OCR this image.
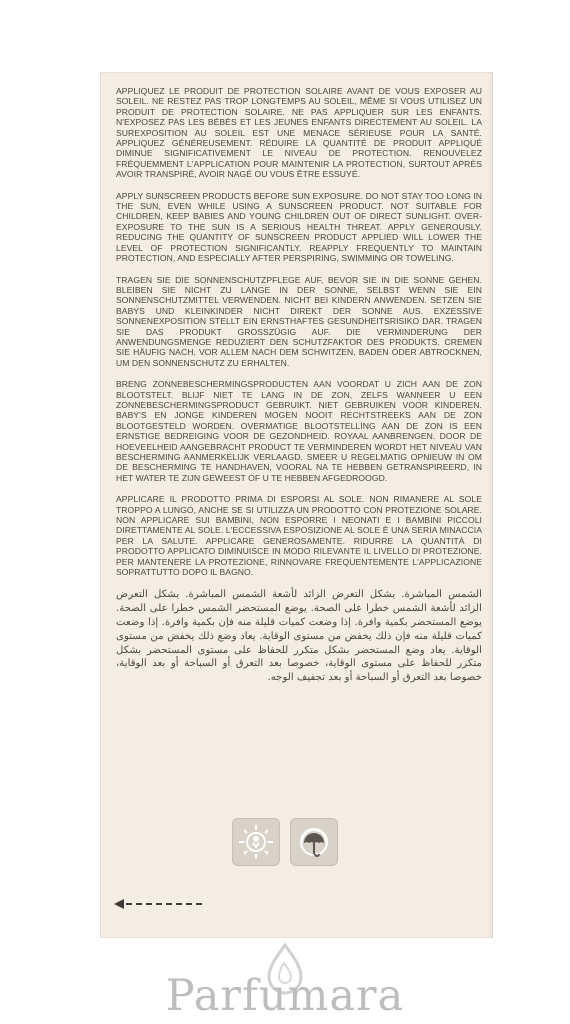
APPLIQUEZ LE PRODUIT DE PROTECTION SOLAIRE AVANT DE VOUS EXPOSER AU SOLEIL. NE RESTEZ PAS TROP LONGTEMPS AU SOLEIL, MÊME SI VOUS UTILISEZ UN PRODUIT DE PROTECTION SOLAIRE. NE PAS APPLIQUER SUR LES ENFANTS. N'EXPOSEZ PAS LES BÉBÉS ET LES JEUNES ENFANTS DIRECTEMENT AU SOLEIL. LA SUREXPOSITION AU SOLEIL EST UNE MENACE SÉRIEUSE POUR LA SANTÉ. APPLIQUEZ GÉNÉREUSEMENT. RÉDUIRE LA QUANTITÉ DE PRODUIT APPLIQUÉ DIMINUE SIGNIFICATIVEMENT LE NIVEAU DE PROTECTION. RENOUVELEZ FRÉQUEMMENT L'APPLICATION POUR MAINTENIR LA PROTECTION, SURTOUT APRÈS AVOIR TRANSPIRÉ, AVOIR NAGÉ OU VOUS ÊTRE ESSUYÉ.

APPLY SUNSCREEN PRODUCTS BEFORE SUN EXPOSURE. DO NOT STAY TOO LONG IN THE SUN, EVEN WHILE USING A SUNSCREEN PRODUCT. NOT SUITABLE FOR CHILDREN, KEEP BABIES AND YOUNG CHILDREN OUT OF DIRECT SUNLIGHT. OVER-EXPOSURE TO THE SUN IS A SERIOUS HEALTH THREAT. APPLY GENEROUSLY. REDUCING THE QUANTITY OF SUNSCREEN PRODUCT APPLIED WILL LOWER THE LEVEL OF PROTECTION SIGNIFICANTLY. REAPPLY FREQUENTLY TO MAINTAIN PROTECTION, AND ESPECIALLY AFTER PERSPIRING, SWIMMING OR TOWELING.

TRAGEN SIE DIE SONNENSCHUTZPFLEGE AUF, BEVOR SIE IN DIE SONNE GEHEN. BLEIBEN SIE NICHT ZU LANGE IN DER SONNE, SELBST WENN SIE EIN SONNENSCHUTZMITTEL VERWENDEN. NICHT BEI KINDERN ANWENDEN. SETZEN SIE BABYS UND KLEINKINDER NICHT DIREKT DER SONNE AUS. EXZESSIVE SONNENEXPOSITION STELLT EIN ERNSTHAFTES GESUNDHEITSRISIKO DAR. TRAGEN SIE DAS PRODUKT GROSSZÜGIG AUF. DIE VERMINDERUNG DER ANWENDUNGSMENGE REDUZIERT DEN SCHUTZFAKTOR DES PRODUKTS. CREMEN SIE HÄUFIG NACH, VOR ALLEM NACH DEM SCHWITZEN, BADEN ODER ABTROCKNEN, UM DEN SONNENSCHUTZ ZU ERHALTEN.

BRENG ZONNEBESCHERMINGSPRODUCTEN AAN VOORDAT U ZICH AAN DE ZON BLOOTSTELT. BLIJF NIET TE LANG IN DE ZON, ZELFS WANNEER U EEN ZONNEBESCHERMINGSPRODUCT GEBRUIKT. NIET GEBRUIKEN VOOR KINDEREN. BABY'S EN JONGE KINDEREN MOGEN NOOIT RECHTSTREEKS AAN DE ZON BLOOTGESTELD WORDEN. OVERMATIGE BLOOTSTELLING AAN DE ZON IS EEN ERNSTIGE BEDREIGING VOOR DE GEZONDHEID. ROYAAL AANBRENGEN. DOOR DE HOEVEELHEID AANGEBRACHT PRODUCT TE VERMINDEREN WORDT HET NIVEAU VAN BESCHERMING AANMERKELIJK VERLAAGD. SMEER U REGELMATIG OPNIEUW IN OM DE BESCHERMING TE HANDHAVEN, VOORAL NA TE HEBBEN GETRANSPIREERD, IN HET WATER TE ZIJN GEWEEST OF U TE HEBBEN AFGEDROOGD.

APPLICARE IL PRODOTTO PRIMA DI ESPORSI AL SOLE. NON RIMANERE AL SOLE TROPPO A LUNGO, ANCHE SE SI UTILIZZA UN PRODOTTO CON PROTEZIONE SOLARE. NON APPLICARE SUI BAMBINI, NON ESPORRE I NEONATI E I BAMBINI PICCOLI DIRETTAMENTE AL SOLE. L'ECCESSIVA ESPOSIZIONE AL SOLE È UNA SERIA MINACCIA PER LA SALUTE. APPLICARE GENEROSAMENTE. RIDURRE LA QUANTITÀ DI PRODOTTO APPLICATO DIMINUISCE IN MODO RILEVANTE IL LIVELLO DI PROTEZIONE. PER MANTENERE LA PROTEZIONE, RINNOVARE FREQUENTEMENTE L'APPLICAZIONE SOPRATTUTTO DOPO IL BAGNO.

الشمس المباشرة. يشكل التعرض الزائد لأشعة الشمس المباشرة. يشكل التعرض الزائد لأشعة الشمس خطرا على الصحة. يوضع المستحضر الشمس خطرا على الصحة. يوضع المستحضر بكمية وافرة. إذا وضعت كميات قليلة منه فإن بكمية وافرة. إذا وضعت كميات قليلة منه فإن ذلك يخفض من مستوى الوقاية. يعاد وضع ذلك يخفض من مستوى الوقاية. يعاد وضع المستحضر بشكل متكرر للحفاظ على مستوى المستحضر بشكل متكرر للحفاظ على مستوى الوقاية، خصوصا بعد التعرق أو السباحة أو بعد الوقاية، خصوصا بعد التعرق أو السباحة أو بعد تجفيف الوجه.

Parfumara
